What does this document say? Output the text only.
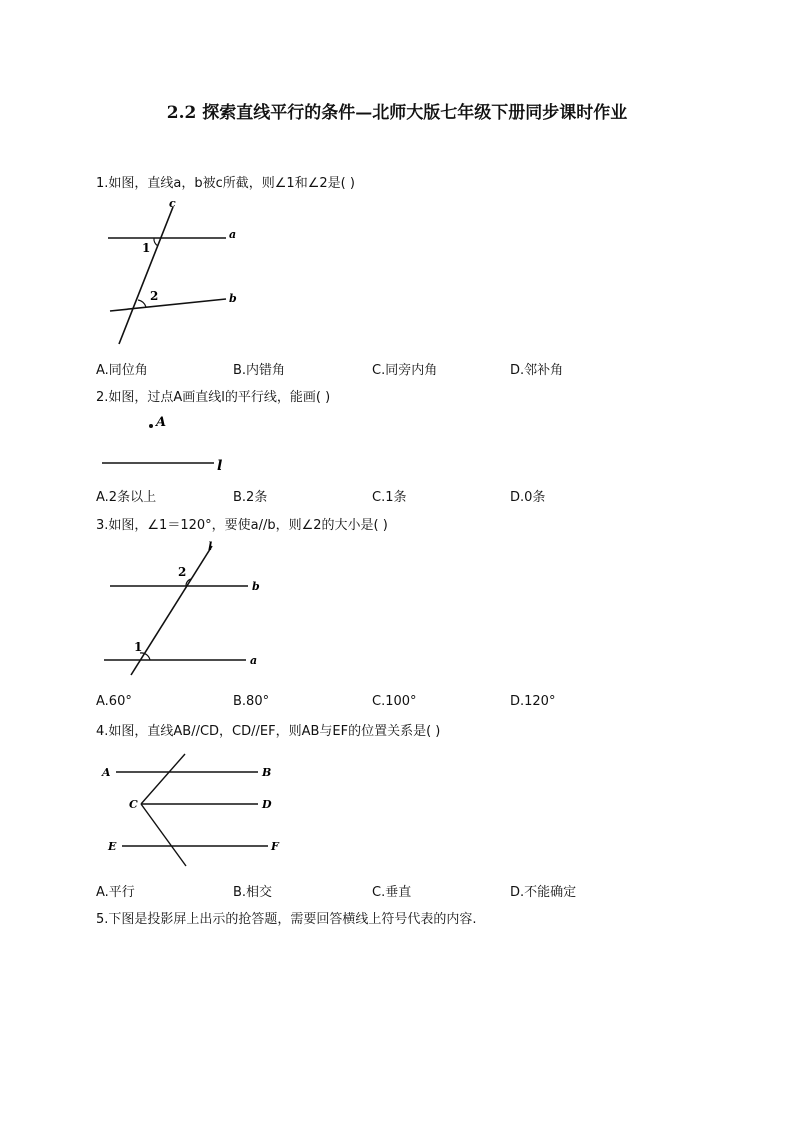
2.2 探索直线平行的条件—北师大版七年级下册同步课时作业
1.如图，直线a，b被c所截，则∠1和∠2是( )
c
a
b
1
2
A.同位角	B.内错角	C.同旁内角	D.邻补角
2.如图，过点A画直线l的平行线，能画( )
A
l
A.2条以上	B.2条	C.1条	D.0条
3.如图，∠1＝120°，要使a//b，则∠2的大小是( )
l
b
a
2
1
A.60°	B.80°	C.100°	D.120°
4.如图，直线AB//CD，CD//EF，则AB与EF的位置关系是( )
A	B
C	D
E	F
A.平行	B.相交	C.垂直	D.不能确定
5.下图是投影屏上出示的抢答题，需要回答横线上符号代表的内容.
